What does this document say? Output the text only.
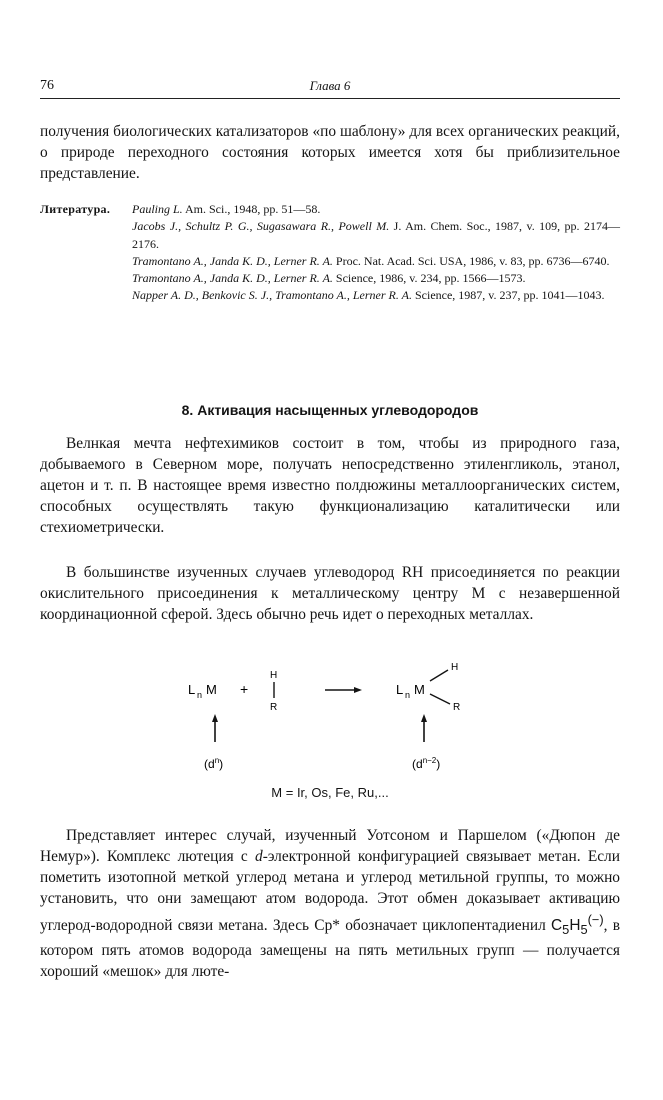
76	Глава 6

получения биологических катализаторов «по шаблону» для всех органических реакций, о природе переходного состояния которых имеется хотя бы приблизительное представление.

Литература. Pauling L. Am. Sci., 1948, pp. 51—58.
Jacobs J., Schultz P. G., Sugasawara R., Powell M. J. Am. Chem. Soc., 1987, v. 109, pp. 2174—2176.
Tramontano A., Janda K. D., Lerner R. A. Proc. Nat. Acad. Sci. USA, 1986, v. 83, pp. 6736—6740.
Tramontano A., Janda K. D., Lerner R. A. Science, 1986, v. 234, pp. 1566—1573.
Napper A. D., Benkovic S. J., Tramontano A., Lerner R. A. Science, 1987, v. 237, pp. 1041—1043.
8. Активация насыщенных углеводородов

Велнкая мечта нефтехимиков состоит в том, чтобы из природного газа, добываемого в Северном море, получать непосредственно этиленгликоль, этанол, ацетон и т. п. В настоящее время известно полдюжины металлоорганических систем, способных осуществлять такую функционализацию каталитически или стехиометрически.

В большинстве изученных случаев углеводород RH присоединяется по реакции окислительного присоединения к металлическому центру M с незавершенной координационной сферой. Здесь обычно речь идет о переходных металлах.

L n M +
H
R
L n M
H
R
$(d^n)$	$(d^{n-2})$
M = Ir, Os, Fe, Ru,...

Представляет интерес случай, изученный Уотсоном и Паршелом («Дюпон де Немур»). Комплекс лютеция с d-электронной конфигурацией связывает метан. Если пометить изотопной меткой углерод метана и углерод метильной группы, то можно установить, что они замещают атом водорода. Этот обмен доказывает активацию углерод-водородной связи метана. Здесь Cp* обозначает циклопентадиенил $C_5H_5^{(-)}$, в котором пять атомов водорода замещены на пять метильных групп — получается хороший «мешок» для люте-
